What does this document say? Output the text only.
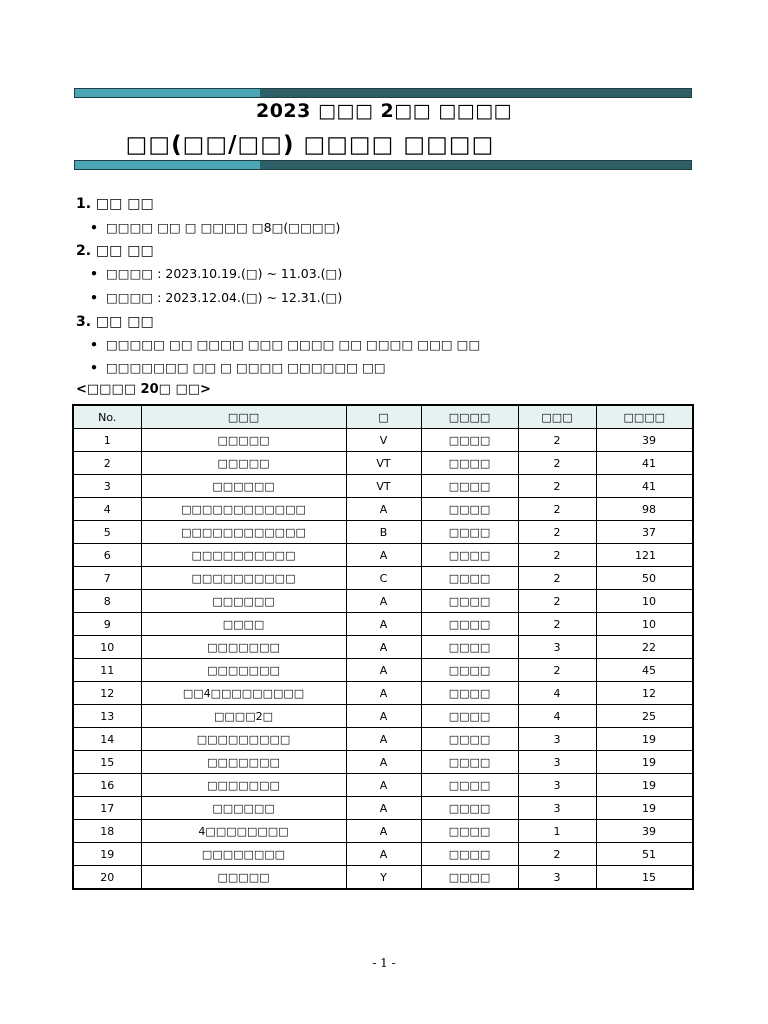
2023 □□□ 2□□ □□□□
□□(□□/□□) □□□□ □□□□
1. □□ □□
• □□□□ □□ □ □□□□ □8□(□□□□)
2. □□ □□
• □□□□ : 2023.10.19.(□) ~ 11.03.(□)
• □□□□ : 2023.12.04.(□) ~ 12.31.(□)
3. □□ □□
• □□□□□ □□ □□□□ □□□ □□□□ □□ □□□□ □□□ □□
• □□□□□□□ □□ □ □□□□ □□□□□□ □□
<□□□□ 20□ □□>
No.	□□□	□	□□□□	□□□	□□□□
1	□□□□□	V	□□□□	2	39
2	□□□□□	VT	□□□□	2	41
3	□□□□□□	VT	□□□□	2	41
4	□□□□□□□□□□□□	A	□□□□	2	98
5	□□□□□□□□□□□□	B	□□□□	2	37
6	□□□□□□□□□□	A	□□□□	2	121
7	□□□□□□□□□□	C	□□□□	2	50
8	□□□□□□	A	□□□□	2	10
9	□□□□	A	□□□□	2	10
10	□□□□□□□	A	□□□□	3	22
11	□□□□□□□	A	□□□□	2	45
12	□□4□□□□□□□□□	A	□□□□	4	12
13	□□□□2□	A	□□□□	4	25
14	□□□□□□□□□	A	□□□□	3	19
15	□□□□□□□	A	□□□□	3	19
16	□□□□□□□	A	□□□□	3	19
17	□□□□□□	A	□□□□	3	19
18	4□□□□□□□□	A	□□□□	1	39
19	□□□□□□□□	A	□□□□	2	51
20	□□□□□	Y	□□□□	3	15
- 1 -
